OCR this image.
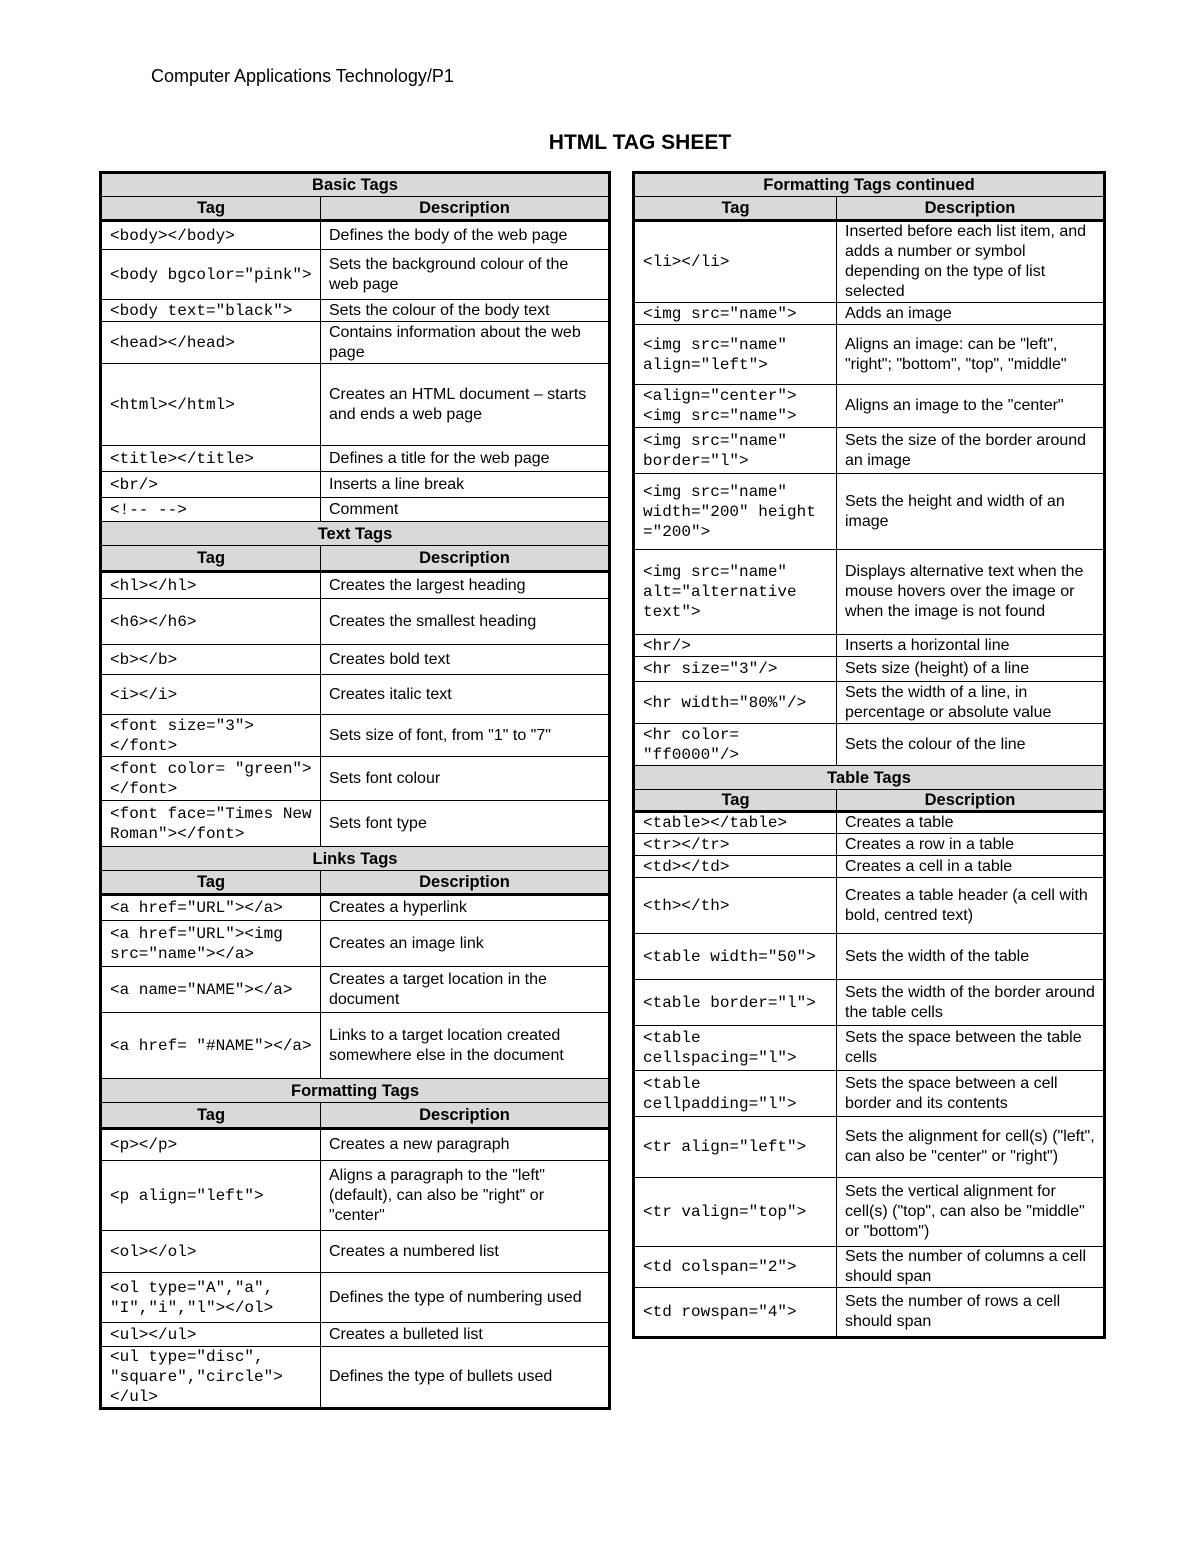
Computer Applications Technology/P1
HTML TAG SHEET
Basic Tags	
Tag	Description
<body></body>	Defines the body of the web page
<body bgcolor="pink">	Sets the background colour of the web page
<body text="black">	Sets the colour of the body text
<head></head>	Contains information about the web page
<html></html>	Creates an HTML document – starts and ends a web page
<title></title>	Defines a title for the web page
<br/>	Inserts a line break
<!-- -->	Comment
Text Tags	
Tag	Description
<hl></hl>	Creates the largest heading
<h6></h6>	Creates the smallest heading
<b></b>	Creates bold text
<i></i>	Creates italic text
<font size="3"></font>	Sets size of font, from "1" to "7"
<font color= "green"> </font>	Sets font colour
<font face="Times New Roman"></font>	Sets font type
Links Tags	
Tag	Description
<a href="URL"></a>	Creates a hyperlink
<a href="URL"><img src="name"></a>	Creates an image link
<a name="NAME"></a>	Creates a target location in the document
<a href= "#NAME"></a>	Links to a target location created somewhere else in the document
Formatting Tags	
Tag	Description
<p></p>	Creates a new paragraph
<p align="left">	Aligns a paragraph to the "left" (default), can also be "right" or "center"
<ol></ol>	Creates a numbered list
<ol type="A","a", "I","i","l"></ol>	Defines the type of numbering used
<ul></ul>	Creates a bulleted list
<ul type="disc", "square","circle"> </ul>	Defines the type of bullets used
Formatting Tags continued	
Tag	Description
<li></li>	Inserted before each list item, and adds a number or symbol depending on the type of list selected
<img src="name">	Adds an image
<img src="name" align="left">	Aligns an image: can be "left", "right"; "bottom", "top", "middle"
<align="center"> <img src="name">	Aligns an image to the "center"
<img src="name" border="l">	Sets the size of the border around an image
<img src="name" width="200" height ="200">	Sets the height and width of an image
<img src="name" alt="alternative text">	Displays alternative text when the mouse hovers over the image or when the image is not found
<hr/>	Inserts a horizontal line
<hr size="3"/>	Sets size (height) of a line
<hr width="80%"/>	Sets the width of a line, in percentage or absolute value
<hr color= "ff0000"/>	Sets the colour of the line
Table Tags	
Tag	Description
<table></table>	Creates a table
<tr></tr>	Creates a row in a table
<td></td>	Creates a cell in a table
<th></th>	Creates a table header (a cell with bold, centred text)
<table width="50">	Sets the width of the table
<table border="l">	Sets the width of the border around the table cells
<table cellspacing="l">	Sets the space between the table cells
<table cellpadding="l">	Sets the space between a cell border and its contents
<tr align="left">	Sets the alignment for cell(s) ("left", can also be "center" or "right")
<tr valign="top">	Sets the vertical alignment for cell(s) ("top", can also be "middle" or "bottom")
<td colspan="2">	Sets the number of columns a cell should span
<td rowspan="4">	Sets the number of rows a cell should span
